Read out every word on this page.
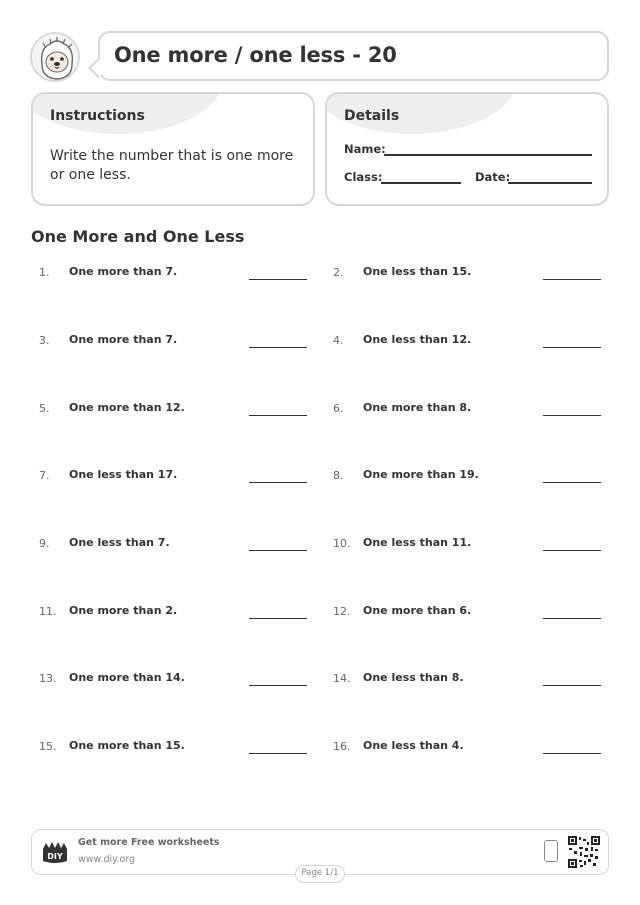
One more / one less - 20
Instructions
Write the number that is one more or one less.
Details
Name:
Class:	Date:
One More and One Less
1. One more than 7.	2. One less than 15.
3. One more than 7.	4. One less than 12.
5. One more than 12.	6. One more than 8.
7. One less than 17.	8. One more than 19.
9. One less than 7.	10. One less than 11.
11. One more than 2.	12. One more than 6.
13. One more than 14.	14. One less than 8.
15. One more than 15.	16. One less than 4.
DIY
Get more Free worksheets
www.diy.org
Page 1/1
